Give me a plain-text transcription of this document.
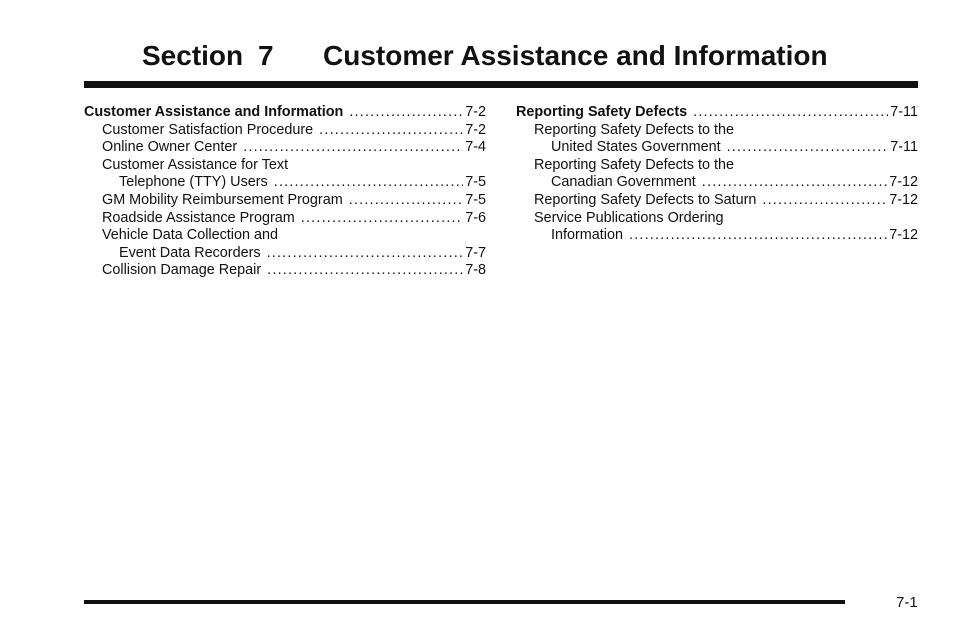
Section 7 Customer Assistance and Information
Customer Assistance and Information .....	7-2
Customer Satisfaction Procedure .....	7-2
Online Owner Center .....	7-4
Customer Assistance for Text
Telephone (TTY) Users .....	7-5
GM Mobility Reimbursement Program .....	7-5
Roadside Assistance Program .....	7-6
Vehicle Data Collection and
Event Data Recorders .....	7-7
Collision Damage Repair .....	7-8
Reporting Safety Defects .....	7-11
Reporting Safety Defects to the
United States Government .....	7-11
Reporting Safety Defects to the
Canadian Government .....	7-12
Reporting Safety Defects to Saturn .....	7-12
Service Publications Ordering
Information .....	7-12
7-1
